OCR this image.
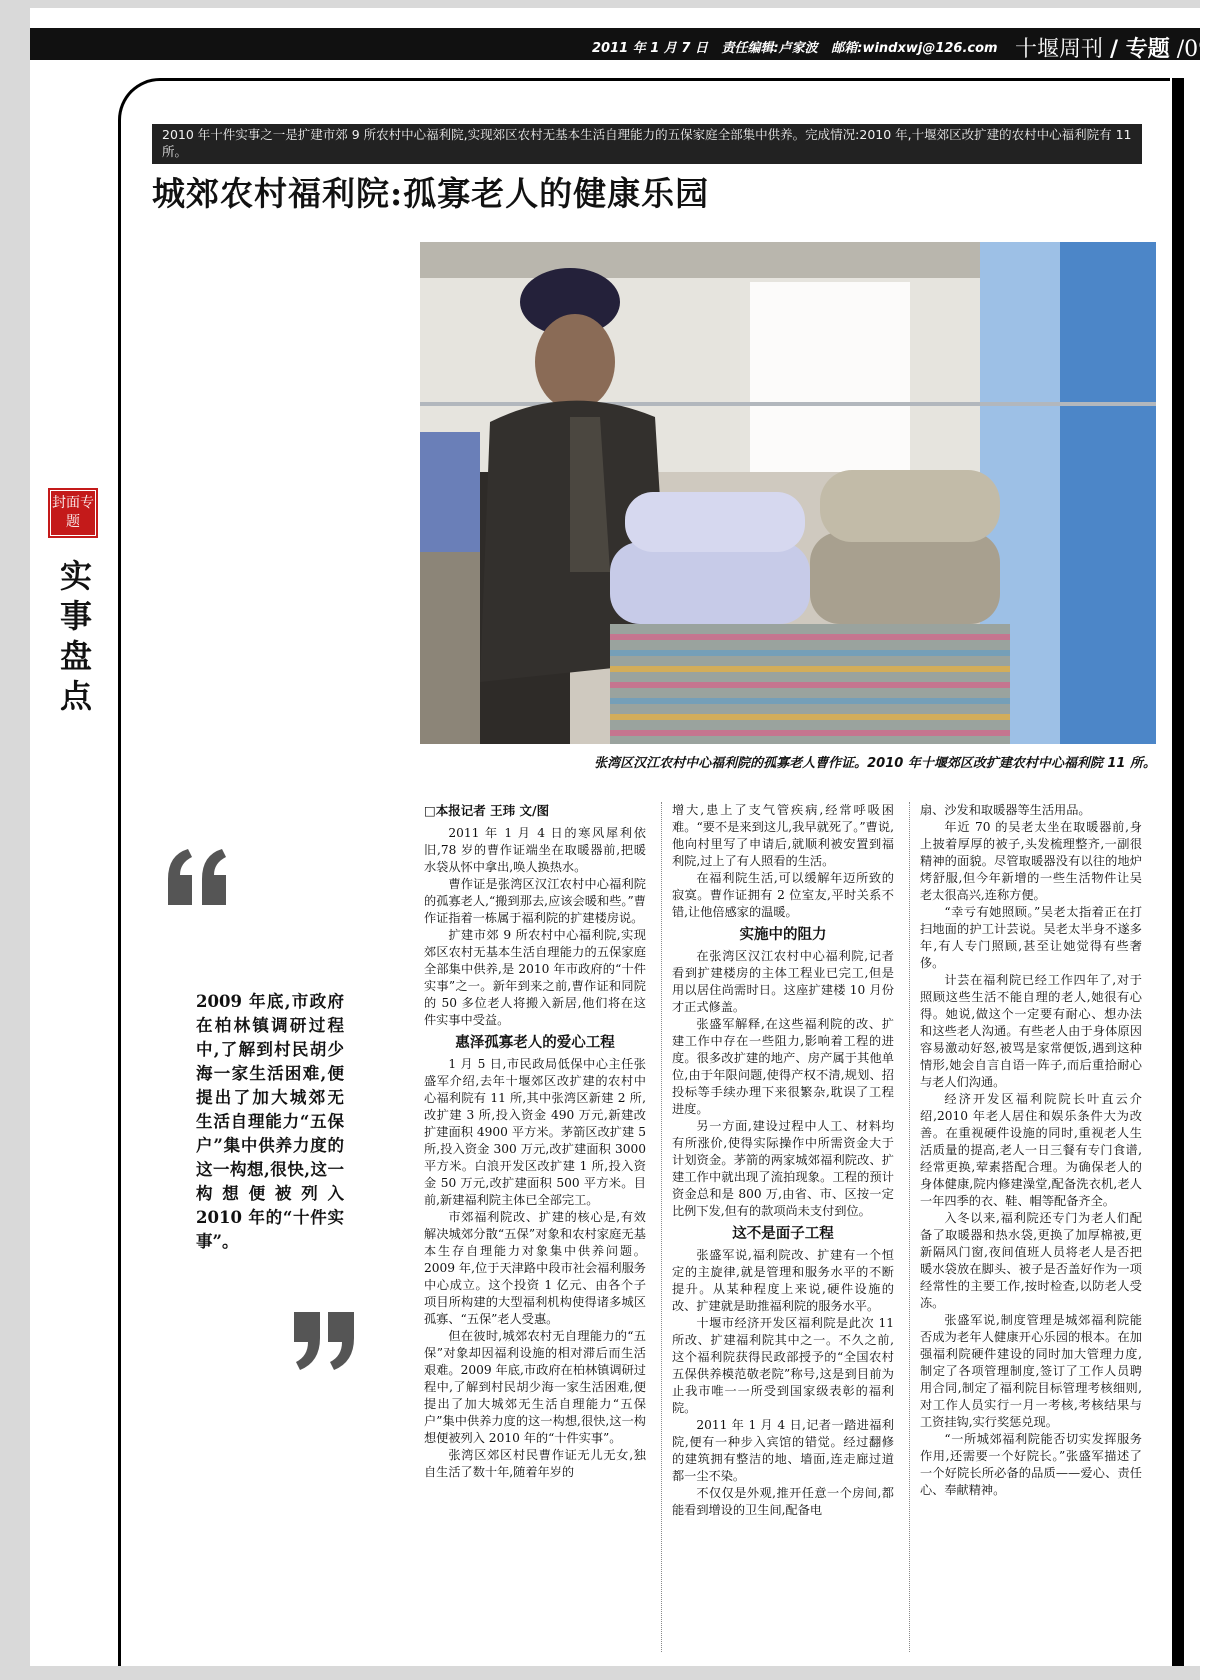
2011 年 1 月 7 日 责任编辑:卢家波 邮箱:windxwj@126.com 十堰周刊 / 专题 /09
2010 年十件实事之一是扩建市郊 9 所农村中心福利院,实现郊区农村无基本生活自理能力的五保家庭全部集中供养。完成情况:2010 年,十堰郊区改扩建的农村中心福利院有 11 所。
城郊农村福利院:孤寡老人的健康乐园
张湾区汉江农村中心福利院的孤寡老人曹作证。2010 年十堰郊区改扩建农村中心福利院 11 所。
封面专题
实事盘点
2009 年底,市政府在柏林镇调研过程中,了解到村民胡少海一家生活困难,便提出了加大城郊无生活自理能力“五保户”集中供养力度的这一构想,很快,这一构想便被列入 2010 年的“十件实事”。
□本报记者 王玮 文/图

2011 年 1 月 4 日的寒风犀利依旧,78 岁的曹作证端坐在取暖器前,把暖水袋从怀中拿出,唤人换热水。

曹作证是张湾区汉江农村中心福利院的孤寡老人,“搬到那去,应该会暖和些。”曹作证指着一栋属于福利院的扩建楼房说。

扩建市郊 9 所农村中心福利院,实现郊区农村无基本生活自理能力的五保家庭全部集中供养,是 2010 年市政府的“十件实事”之一。新年到来之前,曹作证和同院的 50 多位老人将搬入新居,他们将在这件实事中受益。

惠泽孤寡老人的爱心工程

1 月 5 日,市民政局低保中心主任张盛军介绍,去年十堰郊区改扩建的农村中心福利院有 11 所,其中张湾区新建 2 所,改扩建 3 所,投入资金 490 万元,新建改扩建面积 4900 平方米。茅箭区改扩建 5 所,投入资金 300 万元,改扩建面积 3000 平方米。白浪开发区改扩建 1 所,投入资金 50 万元,改扩建面积 500 平方米。目前,新建福利院主体已全部完工。

市郊福利院改、扩建的核心是,有效解决城郊分散“五保”对象和农村家庭无基本生存自理能力对象集中供养问题。2009 年,位于天津路中段市社会福利服务中心成立。这个投资 1 亿元、由各个子项目所构建的大型福利机构使得诸多城区孤寡、“五保”老人受惠。

但在彼时,城郊农村无自理能力的“五保”对象却因福利设施的相对滞后而生活艰难。2009 年底,市政府在柏林镇调研过程中,了解到村民胡少海一家生活困难,便提出了加大城郊无生活自理能力“五保户”集中供养力度的这一构想,很快,这一构想便被列入 2010 年的“十件实事”。

张湾区郊区村民曹作证无儿无女,独自生活了数十年,随着年岁的

增大,患上了支气管疾病,经常呼吸困难。“要不是来到这儿,我早就死了。”曹说,他向村里写了申请后,就顺利被安置到福利院,过上了有人照看的生活。

在福利院生活,可以缓解年迈所致的寂寞。曹作证拥有 2 位室友,平时关系不错,让他倍感家的温暖。

实施中的阻力

在张湾区汉江农村中心福利院,记者看到扩建楼房的主体工程业已完工,但是用以居住尚需时日。这座扩建楼 10 月份才正式修盖。

张盛军解释,在这些福利院的改、扩建工作中存在一些阻力,影响着工程的进度。很多改扩建的地产、房产属于其他单位,由于年限问题,使得产权不清,规划、招投标等手续办理下来很繁杂,耽误了工程进度。

另一方面,建设过程中人工、材料均有所涨价,使得实际操作中所需资金大于计划资金。茅箭的两家城郊福利院改、扩建工作中就出现了流拍现象。工程的预计资金总和是 800 万,由省、市、区按一定比例下发,但有的款项尚未支付到位。

这不是面子工程

张盛军说,福利院改、扩建有一个恒定的主旋律,就是管理和服务水平的不断提升。从某种程度上来说,硬件设施的改、扩建就是助推福利院的服务水平。

十堰市经济开发区福利院是此次 11 所改、扩建福利院其中之一。不久之前,这个福利院获得民政部授予的“全国农村五保供养模范敬老院”称号,这是到目前为止我市唯一一所受到国家级表彰的福利院。

2011 年 1 月 4 日,记者一踏进福利院,便有一种步入宾馆的错觉。经过翻修的建筑拥有整洁的地、墙面,连走廊过道都一尘不染。

不仅仅是外观,推开任意一个房间,都能看到增设的卫生间,配备电

扇、沙发和取暖器等生活用品。

年近 70 的吴老太坐在取暖器前,身上披着厚厚的被子,头发梳理整齐,一副很精神的面貌。尽管取暖器没有以往的地炉烤舒服,但今年新增的一些生活物件让吴老太很高兴,连称方便。

“幸亏有她照顾。”吴老太指着正在打扫地面的护工计芸说。吴老太半身不遂多年,有人专门照顾,甚至让她觉得有些奢侈。

计芸在福利院已经工作四年了,对于照顾这些生活不能自理的老人,她很有心得。她说,做这个一定要有耐心、想办法和这些老人沟通。有些老人由于身体原因容易激动好怒,被骂是家常便饭,遇到这种情形,她会自言自语一阵子,而后重拾耐心与老人们沟通。

经济开发区福利院院长叶直云介绍,2010 年老人居住和娱乐条件大为改善。在重视硬件设施的同时,重视老人生活质量的提高,老人一日三餐有专门食谱,经常更换,荤素搭配合理。为确保老人的身体健康,院内修建澡堂,配备洗衣机,老人一年四季的衣、鞋、帽等配备齐全。

入冬以来,福利院还专门为老人们配备了取暖器和热水袋,更换了加厚棉被,更新隔风门窗,夜间值班人员将老人是否把暖水袋放在脚头、被子是否盖好作为一项经常性的主要工作,按时检查,以防老人受冻。

张盛军说,制度管理是城郊福利院能否成为老年人健康开心乐园的根本。在加强福利院硬件建设的同时加大管理力度,制定了各项管理制度,签订了工作人员聘用合同,制定了福利院目标管理考核细则,对工作人员实行一月一考核,考核结果与工资挂钩,实行奖惩兑现。

“一所城郊福利院能否切实发挥服务作用,还需要一个好院长。”张盛军描述了一个好院长所必备的品质——爱心、责任心、奉献精神。
